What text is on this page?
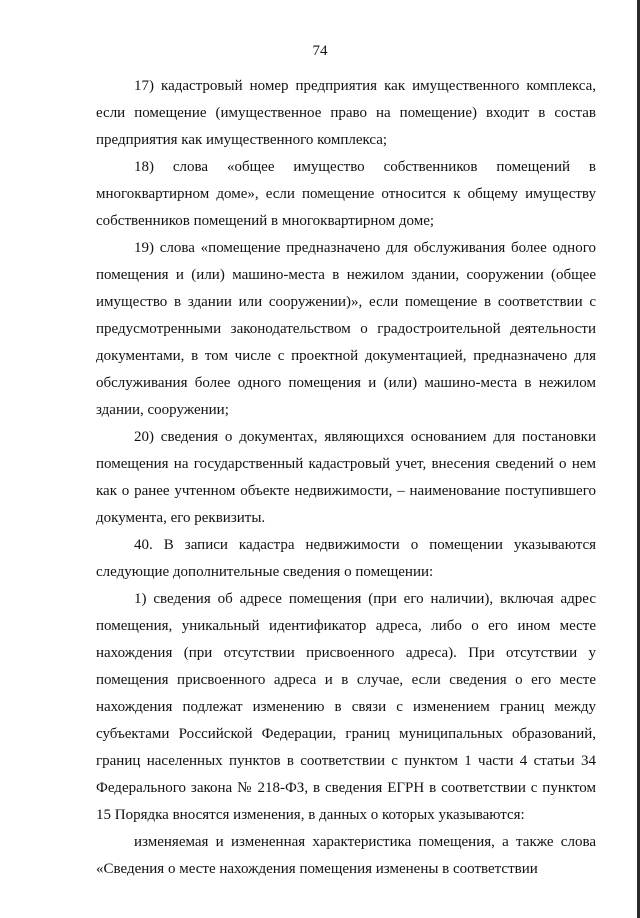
74

17) кадастровый номер предприятия как имущественного комплекса, если помещение (имущественное право на помещение) входит в состав предприятия как имущественного комплекса;

18) слова «общее имущество собственников помещений в многоквартирном доме», если помещение относится к общему имуществу собственников помещений в многоквартирном доме;

19) слова «помещение предназначено для обслуживания более одного помещения и (или) машино-места в нежилом здании, сооружении (общее имущество в здании или сооружении)», если помещение в соответствии с предусмотренными законодательством о градостроительной деятельности документами, в том числе с проектной документацией, предназначено для обслуживания более одного помещения и (или) машино-места в нежилом здании, сооружении;

20) сведения о документах, являющихся основанием для постановки помещения на государственный кадастровый учет, внесения сведений о нем как о ранее учтенном объекте недвижимости, – наименование поступившего документа, его реквизиты.

40. В записи кадастра недвижимости о помещении указываются следующие дополнительные сведения о помещении:

1) сведения об адресе помещения (при его наличии), включая адрес помещения, уникальный идентификатор адреса, либо о его ином месте нахождения (при отсутствии присвоенного адреса). При отсутствии у помещения присвоенного адреса и в случае, если сведения о его месте нахождения подлежат изменению в связи с изменением границ между субъектами Российской Федерации, границ муниципальных образований, границ населенных пунктов в соответствии с пунктом 1 части 4 статьи 34 Федерального закона № 218-ФЗ, в сведения ЕГРН в соответствии с пунктом 15 Порядка вносятся изменения, в данных о которых указываются:

изменяемая и измененная характеристика помещения, а также слова «Сведения о месте нахождения помещения изменены в соответствии
